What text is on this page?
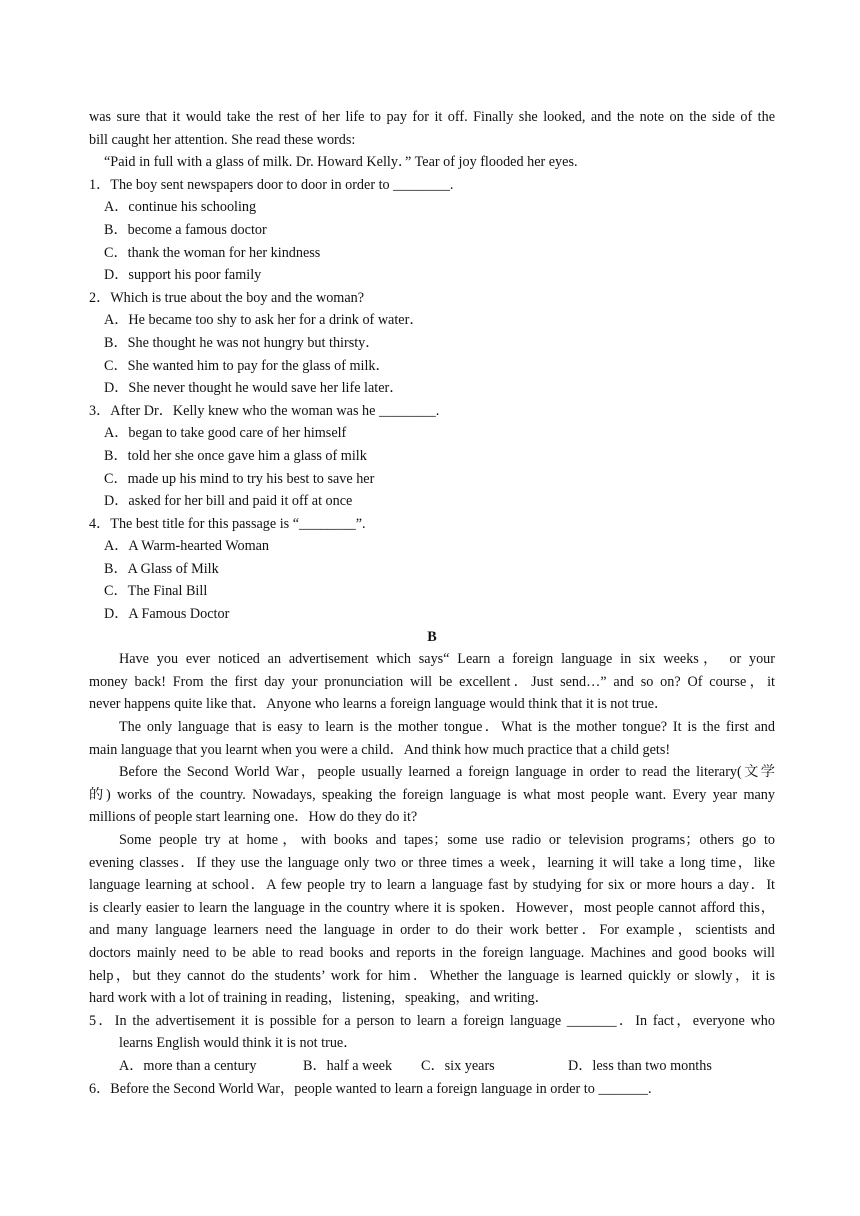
was sure that it would take the rest of her life to pay for it off. Finally she looked, and the note on the side of the
bill caught her attention. She read these words:
“Paid in full with a glass of milk. Dr. Howard Kelly．” Tear of joy flooded her eyes.
1．The boy sent newspapers door to door in order to ________.
A．continue his schooling
B．become a famous doctor
C．thank the woman for her kindness
D．support his poor family
2．Which is true about the boy and the woman?
A．He became too shy to ask her for a drink of water．
B．She thought he was not hungry but thirsty．
C．She wanted him to pay for the glass of milk．
D．She never thought he would save her life later．
3．After Dr．Kelly knew who the woman was he ________.
A．began to take good care of her himself
B．told her she once gave him a glass of milk
C．made up his mind to try his best to save her
D．asked for her bill and paid it off at once
4．The best title for this passage is “________”.
A．A Warm-hearted Woman
B．A Glass of Milk
C．The Final Bill
D．A Famous Doctor
B
Have you ever noticed an advertisement which says“ Learn a foreign language in six weeks， or your
money back! From the first day your pronunciation will be excellent．Just send…” and so on? Of course，it
never happens quite like that．Anyone who learns a foreign language would think that it is not true．
The only language that is easy to learn is the mother tongue．What is the mother tongue? It is the first and
main language that you learnt when you were a child．And think how much practice that a child gets!
Before the Second World War，people usually learned a foreign language in order to read the literary(文学
的) works of the country. Nowadays, speaking the foreign language is what most people want. Every year many
millions of people start learning one．How do they do it?
Some people try at home，with books and tapes；some use radio or television programs；others go to
evening classes．If they use the language only two or three times a week，learning it will take a long time，like
language learning at school．A few people try to learn a language fast by studying for six or more hours a day．It
is clearly easier to learn the language in the country where it is spoken．However，most people cannot afford this，
and many language learners need the language in order to do their work better．For example，scientists and
doctors mainly need to be able to read books and reports in the foreign language. Machines and good books will
help，but they cannot do the students’ work for him．Whether the language is learned quickly or slowly，it is
hard work with a lot of training in reading，listening，speaking，and writing．
5．In the advertisement it is possible for a person to learn a foreign language _______．In fact，everyone who
learns English would think it is not true．
A．more than a century	B．half a week	C．six years	D．less than two months
6．Before the Second World War，people wanted to learn a foreign language in order to _______.
